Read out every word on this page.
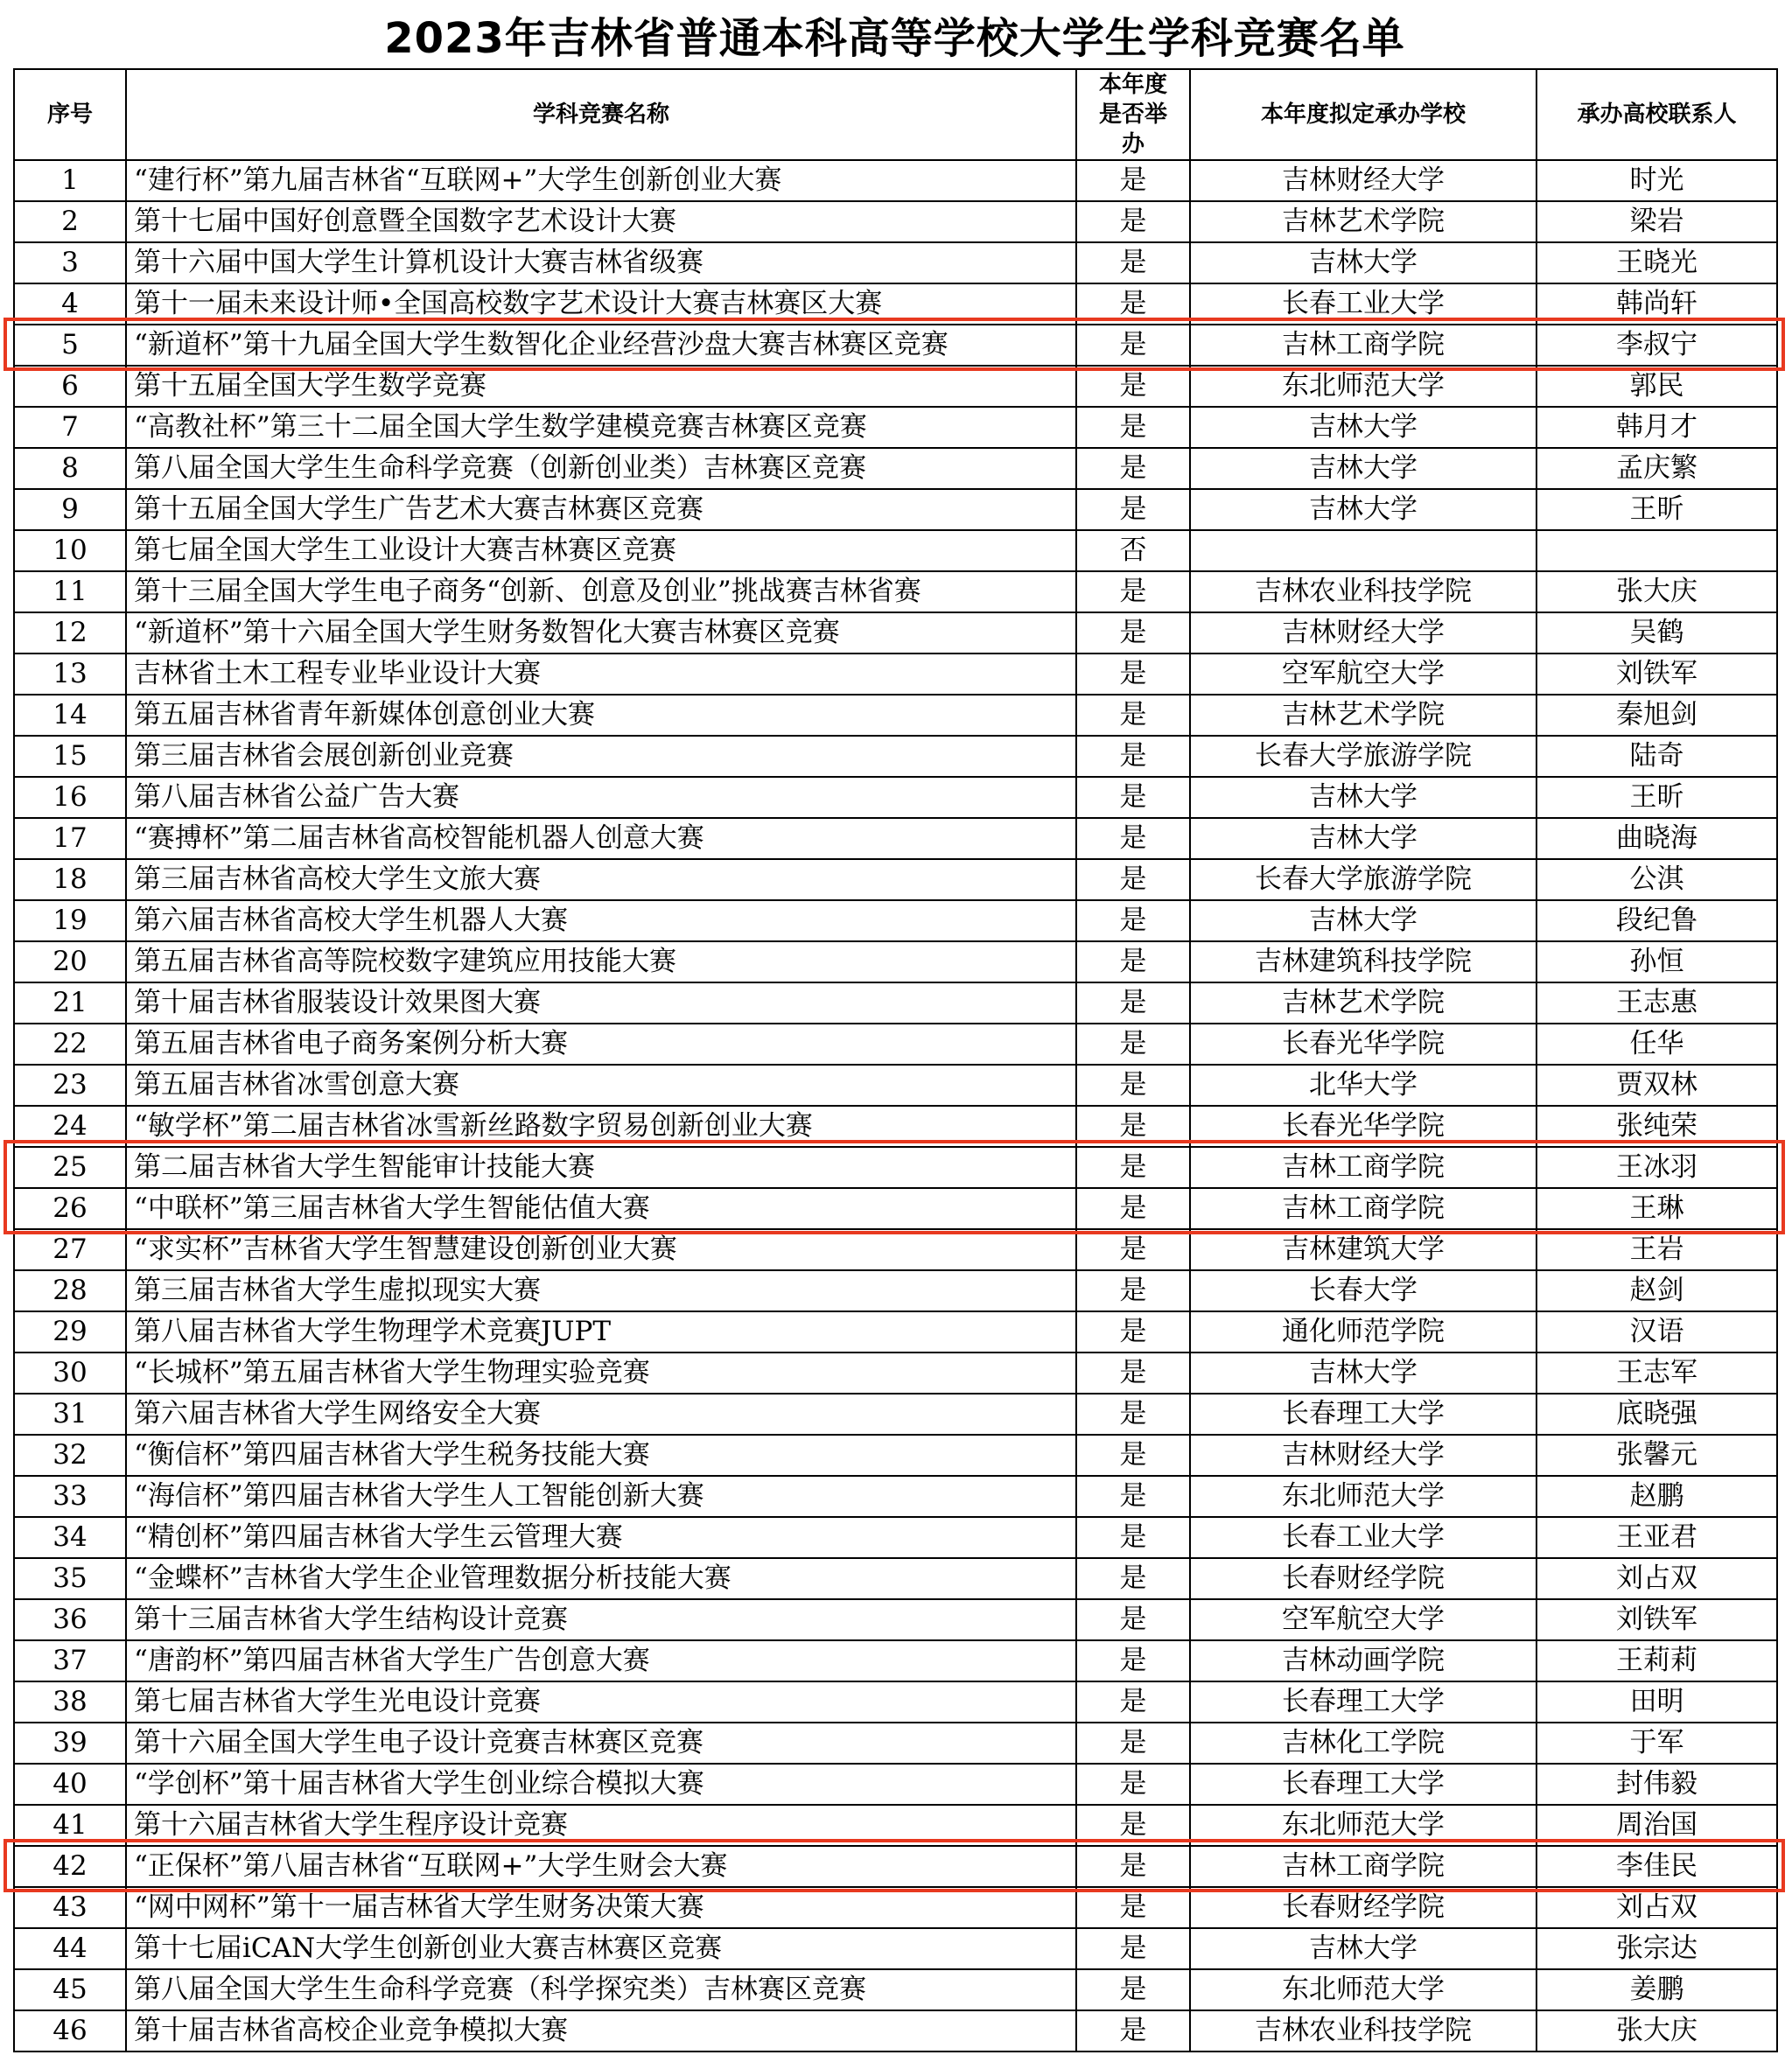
2023年吉林省普通本科高等学校大学生学科竞赛名单
序号	学科竞赛名称	本年度是否举办	本年度拟定承办学校	承办高校联系人
1	“建行杯”第九届吉林省“互联网+”大学生创新创业大赛	是	吉林财经大学	时光
2	第十七届中国好创意暨全国数字艺术设计大赛	是	吉林艺术学院	梁岩
3	第十六届中国大学生计算机设计大赛吉林省级赛	是	吉林大学	王晓光
4	第十一届未来设计师•全国高校数字艺术设计大赛吉林赛区大赛	是	长春工业大学	韩尚轩
5	“新道杯”第十九届全国大学生数智化企业经营沙盘大赛吉林赛区竞赛	是	吉林工商学院	李叔宁
6	第十五届全国大学生数学竞赛	是	东北师范大学	郭民
7	“高教社杯”第三十二届全国大学生数学建模竞赛吉林赛区竞赛	是	吉林大学	韩月才
8	第八届全国大学生生命科学竞赛（创新创业类）吉林赛区竞赛	是	吉林大学	孟庆繁
9	第十五届全国大学生广告艺术大赛吉林赛区竞赛	是	吉林大学	王昕
10	第七届全国大学生工业设计大赛吉林赛区竞赛	否		
11	第十三届全国大学生电子商务“创新、创意及创业”挑战赛吉林省赛	是	吉林农业科技学院	张大庆
12	“新道杯”第十六届全国大学生财务数智化大赛吉林赛区竞赛	是	吉林财经大学	吴鹤
13	吉林省土木工程专业毕业设计大赛	是	空军航空大学	刘铁军
14	第五届吉林省青年新媒体创意创业大赛	是	吉林艺术学院	秦旭剑
15	第三届吉林省会展创新创业竞赛	是	长春大学旅游学院	陆奇
16	第八届吉林省公益广告大赛	是	吉林大学	王昕
17	“赛搏杯”第二届吉林省高校智能机器人创意大赛	是	吉林大学	曲晓海
18	第三届吉林省高校大学生文旅大赛	是	长春大学旅游学院	公淇
19	第六届吉林省高校大学生机器人大赛	是	吉林大学	段纪鲁
20	第五届吉林省高等院校数字建筑应用技能大赛	是	吉林建筑科技学院	孙恒
21	第十届吉林省服装设计效果图大赛	是	吉林艺术学院	王志惠
22	第五届吉林省电子商务案例分析大赛	是	长春光华学院	任华
23	第五届吉林省冰雪创意大赛	是	北华大学	贾双林
24	“敏学杯”第二届吉林省冰雪新丝路数字贸易创新创业大赛	是	长春光华学院	张纯荣
25	第二届吉林省大学生智能审计技能大赛	是	吉林工商学院	王冰羽
26	“中联杯”第三届吉林省大学生智能估值大赛	是	吉林工商学院	王琳
27	“求实杯”吉林省大学生智慧建设创新创业大赛	是	吉林建筑大学	王岩
28	第三届吉林省大学生虚拟现实大赛	是	长春大学	赵剑
29	第八届吉林省大学生物理学术竞赛JUPT	是	通化师范学院	汉语
30	“长城杯”第五届吉林省大学生物理实验竞赛	是	吉林大学	王志军
31	第六届吉林省大学生网络安全大赛	是	长春理工大学	底晓强
32	“衡信杯”第四届吉林省大学生税务技能大赛	是	吉林财经大学	张馨元
33	“海信杯”第四届吉林省大学生人工智能创新大赛	是	东北师范大学	赵鹏
34	“精创杯”第四届吉林省大学生云管理大赛	是	长春工业大学	王亚君
35	“金蝶杯”吉林省大学生企业管理数据分析技能大赛	是	长春财经学院	刘占双
36	第十三届吉林省大学生结构设计竞赛	是	空军航空大学	刘铁军
37	“唐韵杯”第四届吉林省大学生广告创意大赛	是	吉林动画学院	王莉莉
38	第七届吉林省大学生光电设计竞赛	是	长春理工大学	田明
39	第十六届全国大学生电子设计竞赛吉林赛区竞赛	是	吉林化工学院	于军
40	“学创杯”第十届吉林省大学生创业综合模拟大赛	是	长春理工大学	封伟毅
41	第十六届吉林省大学生程序设计竞赛	是	东北师范大学	周治国
42	“正保杯”第八届吉林省“互联网+”大学生财会大赛	是	吉林工商学院	李佳民
43	“网中网杯”第十一届吉林省大学生财务决策大赛	是	长春财经学院	刘占双
44	第十七届iCAN大学生创新创业大赛吉林赛区竞赛	是	吉林大学	张宗达
45	第八届全国大学生生命科学竞赛（科学探究类）吉林赛区竞赛	是	东北师范大学	姜鹏
46	第十届吉林省高校企业竞争模拟大赛	是	吉林农业科技学院	张大庆
